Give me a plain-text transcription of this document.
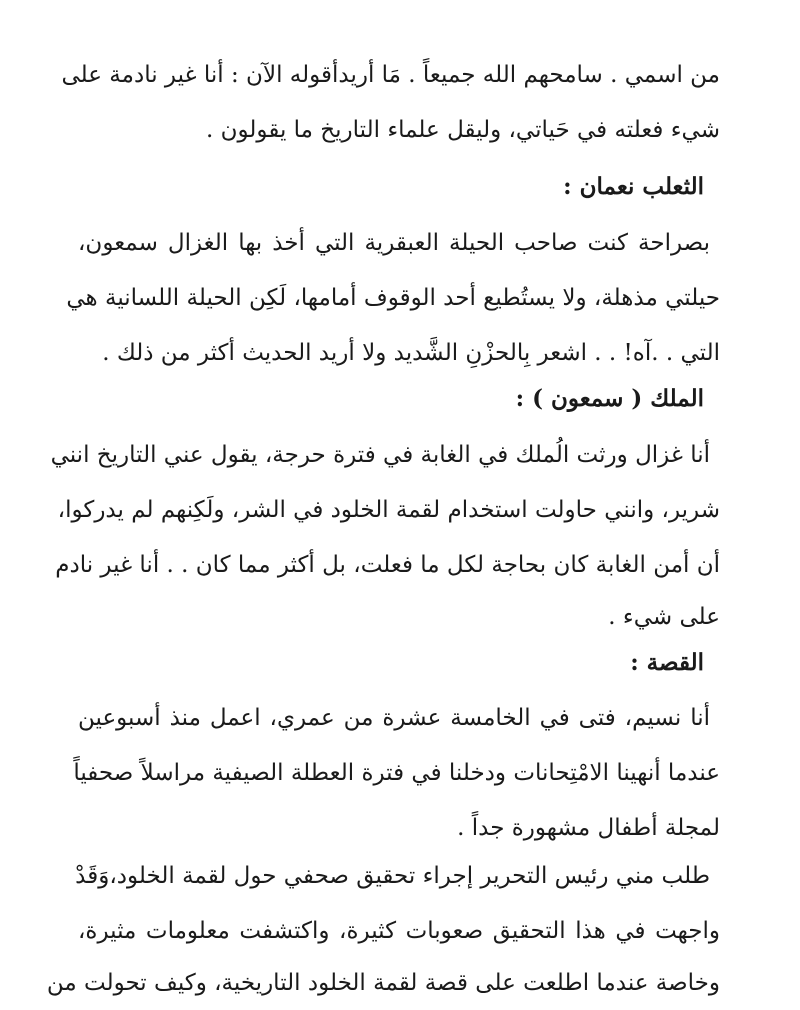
من اسمي . سامحهم الله جميعاً . مَا أريدأقوله الآن : أنا غير نادمة على
شيء فعلته في حَياتي، وليقل علماء التاريخ ما يقولون .
الثعلب نعمان :
بصراحة كنت صاحب الحيلة العبقرية التي أخذ بها الغزال سمعون،
حيلتي مذهلة، ولا يستُطيع أحد الوقوف أمامها، لَكِن الحيلة اللسانية هي
التي . .آه! . . اشعر بِالحزْنِ الشَّديد ولا أريد الحديث أكثر من ذلك .
الملك ( سمعون ) :
أنا غزال ورثت الُملك في الغابة في فترة حرجة، يقول عني التاريخ انني
شرير، وانني حاولت استخدام لقمة الخلود في الشر، ولَكِنهم لم يدركوا،
أن أمن الغابة كان بحاجة لكل ما فعلت، بل أكثر مما كان . . أنا غير نادم
على شيء .
القصة :
أنا نسيم، فتى في الخامسة عشرة من عمري، اعمل منذ أسبوعين
عندما أنهينا الامْتِحانات ودخلنا في فترة العطلة الصيفية مراسلاً صحفياً
لمجلة أطفال مشهورة جداً .
طلب مني رئيس التحرير إجراء تحقيق صحفي حول لقمة الخلود،وَقَدْ
واجهت في هذا التحقيق صعوبات كثيرة، واكتشفت معلومات مثيرة،
وخاصة عندما اطلعت على قصة لقمة الخلود التاريخية، وكيف تحولت من
